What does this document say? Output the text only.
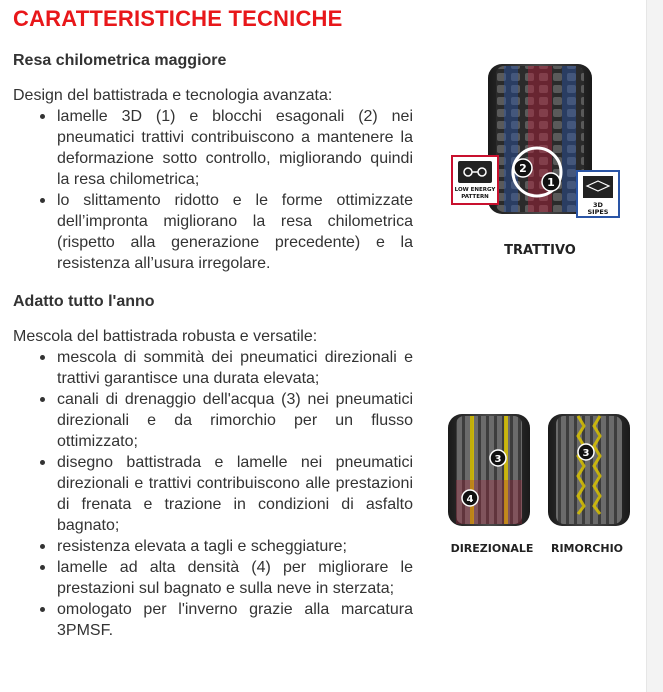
CARATTERISTICHE TECNICHE
Resa chilometrica maggiore

Design del battistrada e tecnologia avanzata:

lamelle 3D (1) e blocchi esagonali (2) nei pneumatici trattivi contribuiscono a mantenere la deformazione sotto controllo, migliorando quindi la resa chilometrica;
lo slittamento ridotto e le forme ottimizzate dell’impronta migliorano la resa chilometrica (rispetto alla generazione precedente) e la resistenza all’usura irregolare.
Adatto tutto l'anno

Mescola del battistrada robusta e versatile:

mescola di sommità dei pneumatici direzionali e trattivi garantisce una durata elevata;
canali di drenaggio dell'acqua (3) nei pneumatici direzionali e da rimorchio per un flusso ottimizzato;
disegno battistrada e lamelle nei pneumatici direzionali e trattivi contribuiscono alle prestazioni di frenata e trazione in condizioni di asfalto bagnato;
resistenza elevata a tagli e scheggiature;
lamelle ad alta densità (4) per migliorare le prestazioni sul bagnato e sulla neve in sterzata;
omologato per l'inverno grazie alla marcatura 3PMSF.
2
1
LOW ENERGY
PATTERN
3D
SIPES
TRATTIVO
3
4
3
DIREZIONALE	RIMORCHIO
